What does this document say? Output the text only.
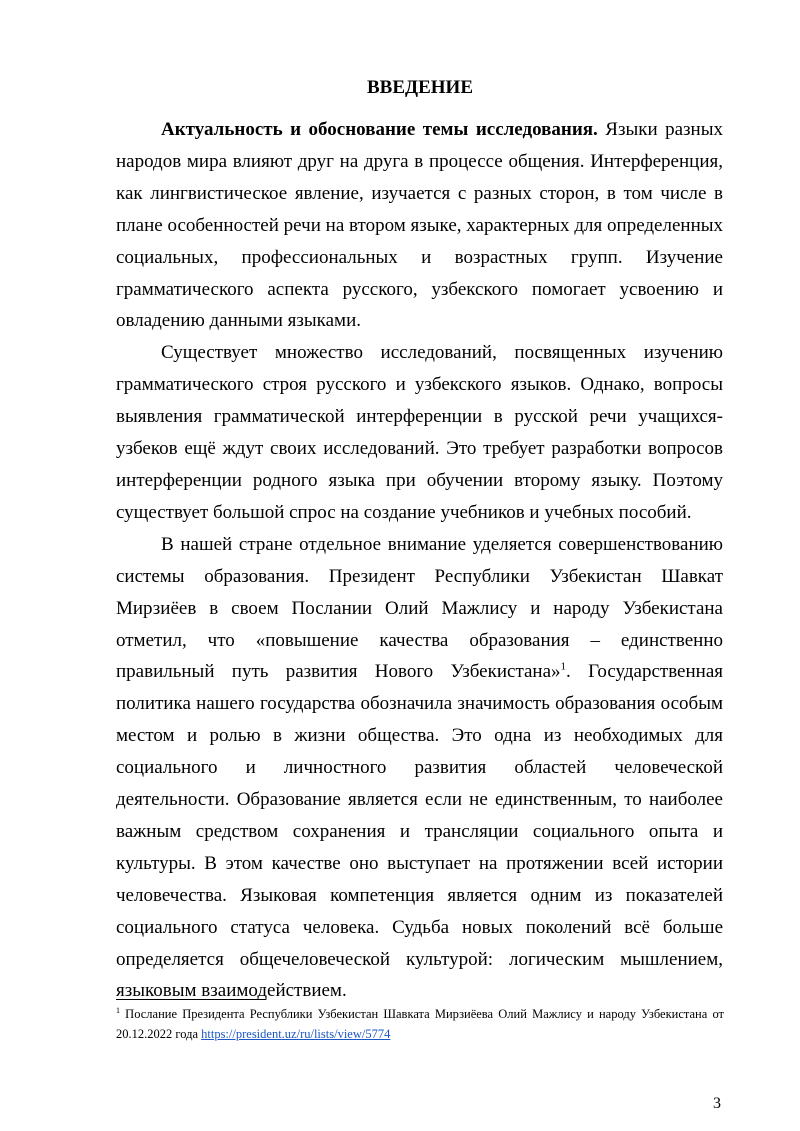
ВВЕДЕНИЕ

Актуальность и обоснование темы исследования. Языки разных народов мира влияют друг на друга в процессе общения. Интерференция, как лингвистическое явление, изучается с разных сторон, в том числе в плане особенностей речи на втором языке, характерных для определенных социальных, профессиональных и возрастных групп. Изучение грамматического аспекта русского, узбекского помогает усвоению и овладению данными языками.

Существует множество исследований, посвященных изучению грамматического строя русского и узбекского языков. Однако, вопросы выявления грамматической интерференции в русской речи учащихся-узбеков ещё ждут своих исследований. Это требует разработки вопросов интерференции родного языка при обучении второму языку. Поэтому существует большой спрос на создание учебников и учебных пособий.

В нашей стране отдельное внимание уделяется совершенствованию системы образования. Президент Республики Узбекистан Шавкат Мирзиёев в своем Послании Олий Мажлису и народу Узбекистана отметил, что «повышение качества образования – единственно правильный путь развития Нового Узбекистана»$^1$. Государственная политика нашего государства обозначила значимость образования особым местом и ролью в жизни общества. Это одна из необходимых для социального и личностного развития областей человеческой деятельности. Образование является если не единственным, то наиболее важным средством сохранения и трансляции социального опыта и культуры. В этом качестве оно выступает на протяжении всей истории человечества. Языковая компетенция является одним из показателей социального статуса человека. Судьба новых поколений всё больше определяется общечеловеческой культурой: логическим мышлением, языковым взаимодействием.

$^1$ Послание Президента Республики Узбекистан Шавката Мирзиёева Олий Мажлису и народу Узбекистана от 20.12.2022 года https://president.uz/ru/lists/view/5774

3
